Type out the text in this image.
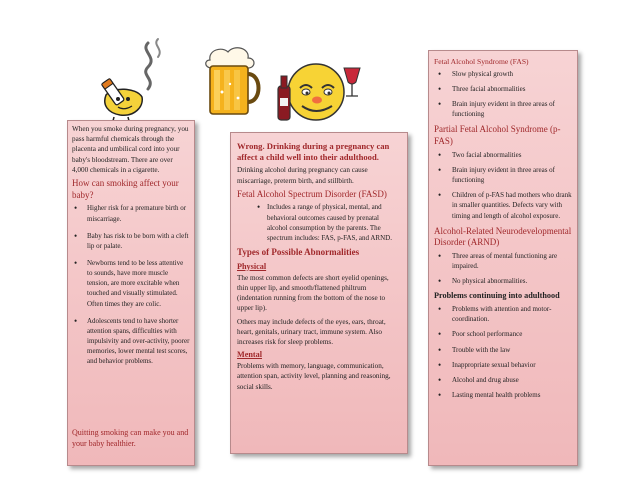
When you smoke during pregnancy, you pass harmful chemicals through the placenta and umbilical cord into your baby's bloodstream. There are over 4,000 chemicals in a cigarette.

How can smoking affect your baby?

• Higher risk for a premature birth or miscarriage.
• Baby has risk to be born with a cleft lip or palate.
• Newborns tend to be less attentive to sounds, have more muscle tension, are more excitable when touched and visually stimulated. Often times they are colic.
• Adolescents tend to have shorter attention spans, difficulties with impulsivity and over-activity, poorer memories, lower mental test scores, and behavior problems.

Quitting smoking can make you and your baby healthier.

Wrong. Drinking during a pregnancy can affect a child well into their adulthood.

Drinking alcohol during pregnancy can cause miscarriage, preterm birth, and stillbirth.

Fetal Alcohol Spectrum Disorder (FASD)

• Includes a range of physical, mental, and behavioral outcomes caused by prenatal alcohol consumption by the parents. The spectrum includes: FAS, p-FAS, and ARND.

Types of Possible Abnormalities

Physical

The most common defects are short eyelid openings, thin upper lip, and smooth/flattened philtrum (indentation running from the bottom of the nose to upper lip).

Others may include defects of the eyes, ears, throat, heart, genitals, urinary tract, immune system. Also increases risk for sleep problems.

Mental

Problems with memory, language, communication, attention span, activity level, planning and reasoning, social skills.

Fetal Alcohol Syndrome (FAS)

• Slow physical growth
• Three facial abnormalities
• Brain injury evident in three areas of functioning

Partial Fetal Alcohol Syndrome (p-FAS)

• Two facial abnormalities
• Brain injury evident in three areas of functioning
• Children of p-FAS had mothers who drank in smaller quantities. Defects vary with timing and length of alcohol exposure.

Alcohol-Related Neurodevelopmental Disorder (ARND)

• Three areas of mental functioning are impaired.
• No physical abnormalities.

Problems continuing into adulthood

• Problems with attention and motor-coordination.
• Poor school performance
• Trouble with the law
• Inappropriate sexual behavior
• Alcohol and drug abuse
• Lasting mental health problems
